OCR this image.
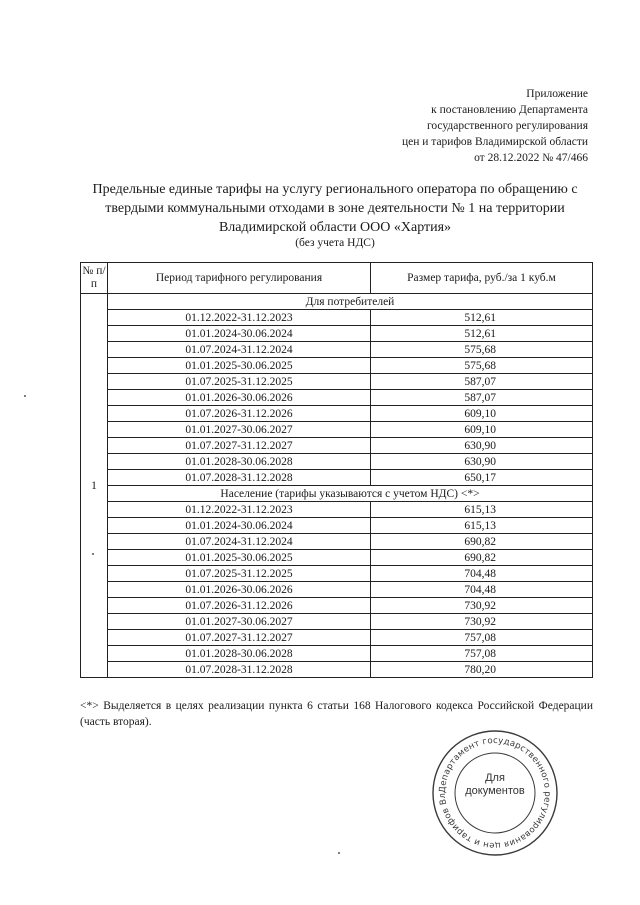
Приложение
к постановлению Департамента
государственного регулирования
цен и тарифов Владимирской области
от 28.12.2022 № 47/466
Предельные единые тарифы на услугу регионального оператора по обращению с
твердыми коммунальными отходами в зоне деятельности № 1 на территории
Владимирской области ООО «Хартия»
(без учета НДС)
№ п/п	Период тарифного регулирования	Размер тарифа, руб./за 1 куб.м
1	Для потребителей	
	01.12.2022-31.12.2023	512,61
	01.01.2024-30.06.2024	512,61
	01.07.2024-31.12.2024	575,68
	01.01.2025-30.06.2025	575,68
	01.07.2025-31.12.2025	587,07
	01.01.2026-30.06.2026	587,07
	01.07.2026-31.12.2026	609,10
	01.01.2027-30.06.2027	609,10
	01.07.2027-31.12.2027	630,90
	01.01.2028-30.06.2028	630,90
	01.07.2028-31.12.2028	650,17
	Население (тарифы указываются с учетом НДС) <*>	
	01.12.2022-31.12.2023	615,13
	01.01.2024-30.06.2024	615,13
	01.07.2024-31.12.2024	690,82
	01.01.2025-30.06.2025	690,82
	01.07.2025-31.12.2025	704,48
	01.01.2026-30.06.2026	704,48
	01.07.2026-31.12.2026	730,92
	01.01.2027-30.06.2027	730,92
	01.07.2027-31.12.2027	757,08
	01.01.2028-30.06.2028	757,08
	01.07.2028-31.12.2028	780,20
<*> Выделяется в целях реализации пункта 6 статьи 168 Налогового кодекса Российской Федерации (часть вторая).
Департамент государственного регулирования цен и тарифов Вл
Для
документов
